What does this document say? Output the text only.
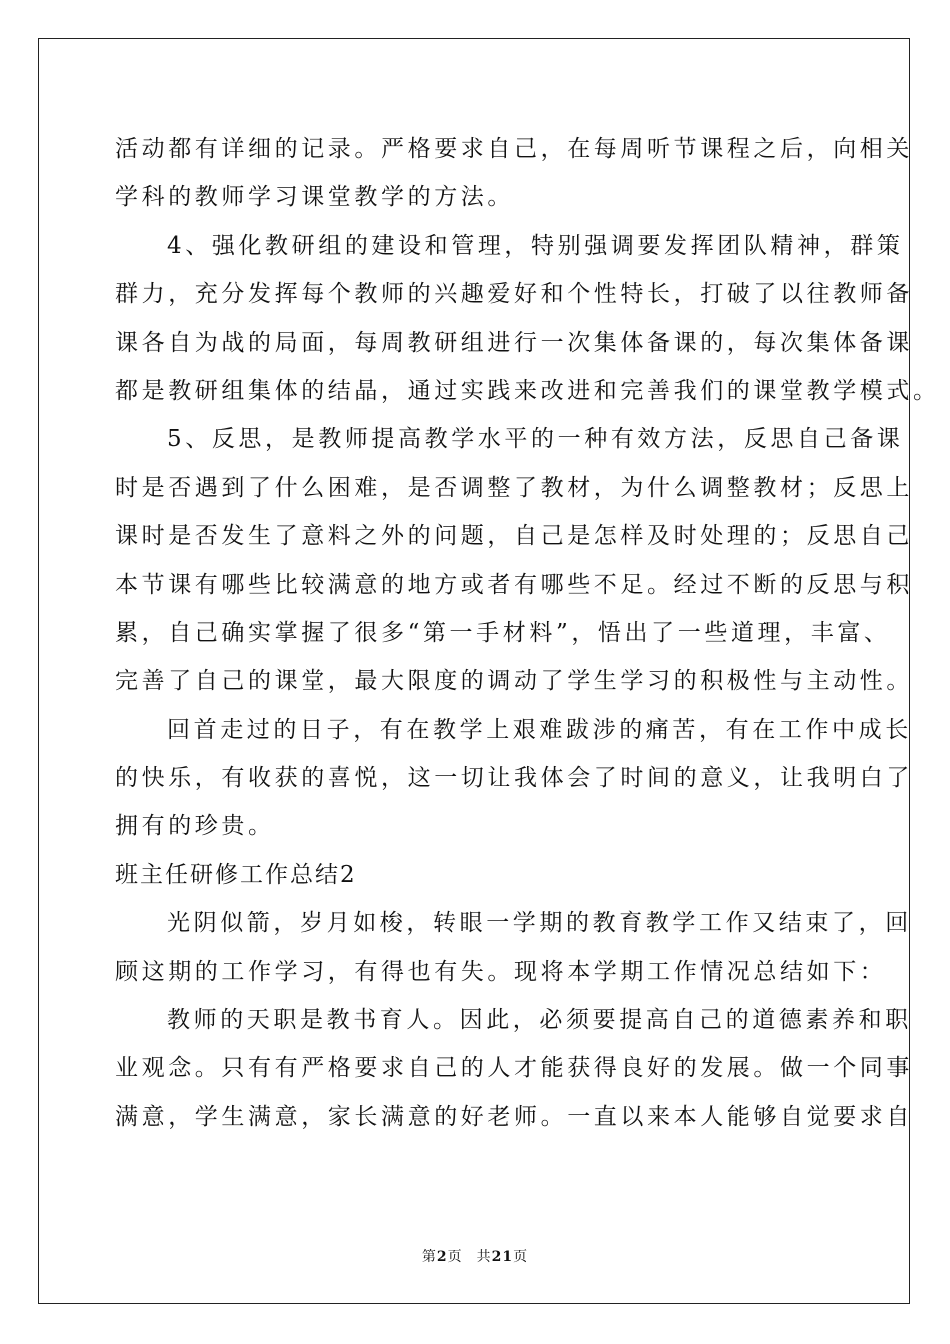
活动都有详细的记录。严格要求自己，在每周听节课程之后，向相关
学科的教师学习课堂教学的方法。
4、强化教研组的建设和管理，特别强调要发挥团队精神，群策
群力，充分发挥每个教师的兴趣爱好和个性特长，打破了以往教师备
课各自为战的局面，每周教研组进行一次集体备课的，每次集体备课
都是教研组集体的结晶，通过实践来改进和完善我们的课堂教学模式。
5、反思，是教师提高教学水平的一种有效方法，反思自己备课
时是否遇到了什么困难，是否调整了教材，为什么调整教材；反思上
课时是否发生了意料之外的问题，自己是怎样及时处理的；反思自己
本节课有哪些比较满意的地方或者有哪些不足。经过不断的反思与积
累，自己确实掌握了很多“第一手材料”，悟出了一些道理，丰富、
完善了自己的课堂，最大限度的调动了学生学习的积极性与主动性。
回首走过的日子，有在教学上艰难跋涉的痛苦，有在工作中成长
的快乐，有收获的喜悦，这一切让我体会了时间的意义，让我明白了
拥有的珍贵。
班主任研修工作总结2
光阴似箭，岁月如梭，转眼一学期的教育教学工作又结束了，回
顾这期的工作学习，有得也有失。现将本学期工作情况总结如下：
教师的天职是教书育人。因此，必须要提高自己的道德素养和职
业观念。只有有严格要求自己的人才能获得良好的发展。做一个同事
满意，学生满意，家长满意的好老师。一直以来本人能够自觉要求自
第2页 共21页
